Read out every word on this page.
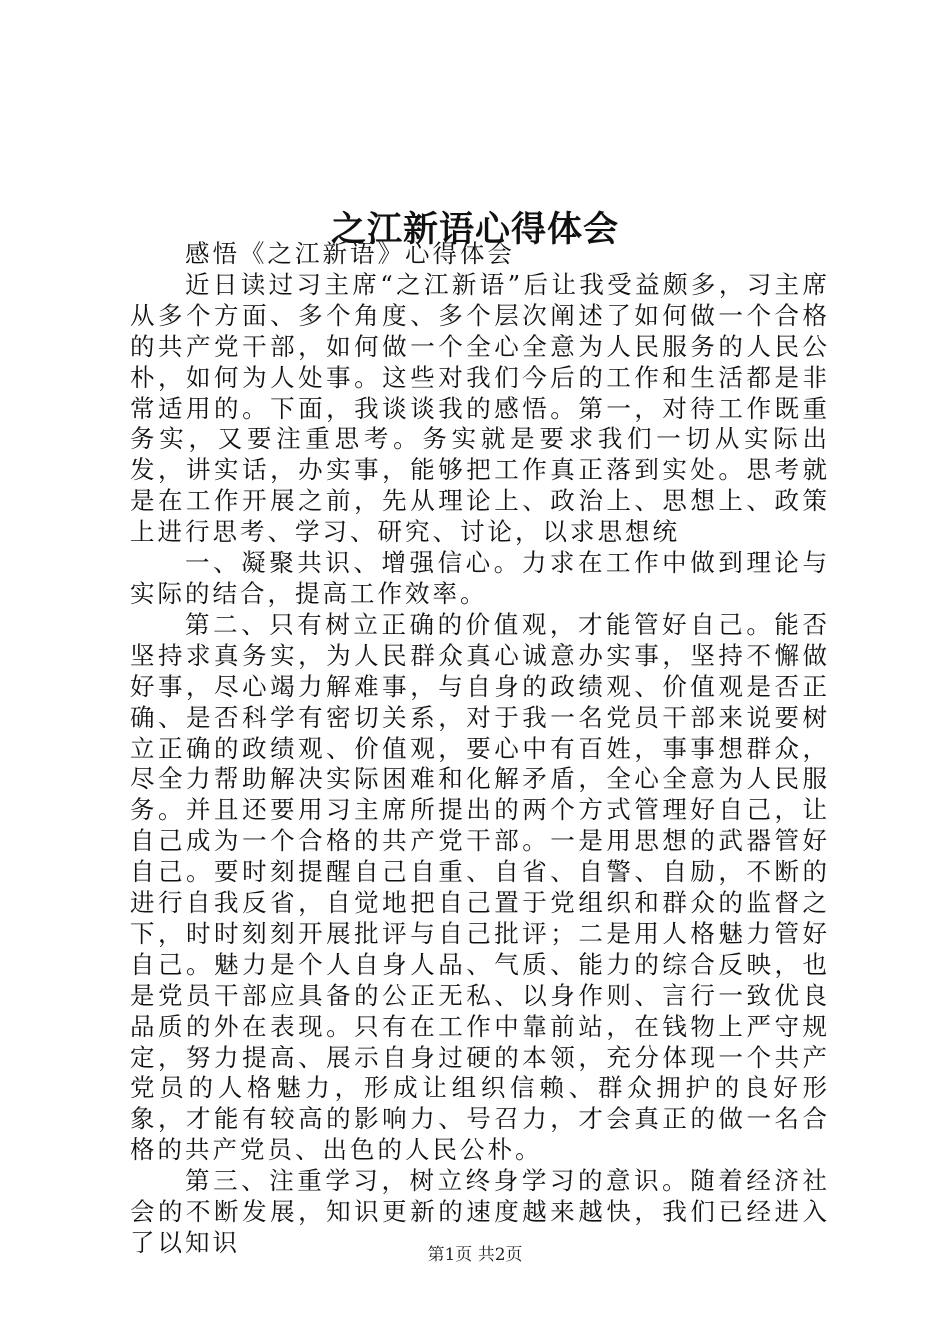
之江新语心得体会

感悟《之江新语》心得体会

近日读过习主席“之江新语”后让我受益颇多，习主席从多个方面、多个角度、多个层次阐述了如何做一个合格的共产党干部，如何做一个全心全意为人民服务的人民公朴，如何为人处事。这些对我们今后的工作和生活都是非常适用的。下面，我谈谈我的感悟。第一，对待工作既重务实，又要注重思考。务实就是要求我们一切从实际出发，讲实话，办实事，能够把工作真正落到实处。思考就是在工作开展之前，先从理论上、政治上、思想上、政策上进行思考、学习、研究、讨论，以求思想统

一、凝聚共识、增强信心。力求在工作中做到理论与实际的结合，提高工作效率。

第二、只有树立正确的价值观，才能管好自己。能否坚持求真务实，为人民群众真心诚意办实事，坚持不懈做好事，尽心竭力解难事，与自身的政绩观、价值观是否正确、是否科学有密切关系，对于我一名党员干部来说要树立正确的政绩观、价值观，要心中有百姓，事事想群众，尽全力帮助解决实际困难和化解矛盾，全心全意为人民服务。并且还要用习主席所提出的两个方式管理好自己，让自己成为一个合格的共产党干部。一是用思想的武器管好自己。要时刻提醒自己自重、自省、自警、自励，不断的进行自我反省，自觉地把自己置于党组织和群众的监督之下，时时刻刻开展批评与自己批评；二是用人格魅力管好自己。魅力是个人自身人品、气质、能力的综合反映，也是党员干部应具备的公正无私、以身作则、言行一致优良品质的外在表现。只有在工作中靠前站，在钱物上严守规定，努力提高、展示自身过硬的本领，充分体现一个共产党员的人格魅力，形成让组织信赖、群众拥护的良好形象，才能有较高的影响力、号召力，才会真正的做一名合格的共产党员、出色的人民公朴。

第三、注重学习，树立终身学习的意识。随着经济社会的不断发展，知识更新的速度越来越快，我们已经进入了以知识	第1页 共2页
